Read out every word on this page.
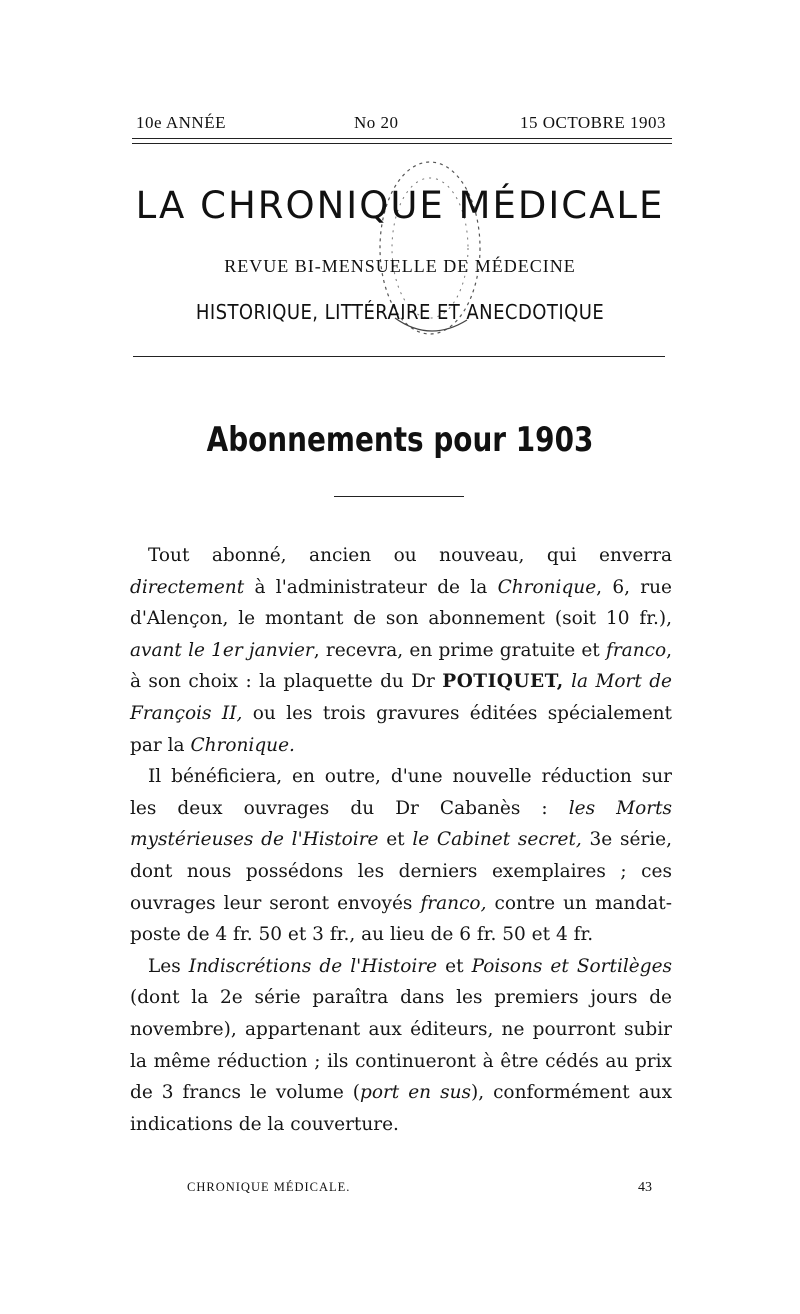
10e ANNÉE	No 20	15 OCTOBRE 1903
LA CHRONIQUE MÉDICALE
REVUE BI-MENSUELLE DE MÉDECINE
HISTORIQUE, LITTÉRAIRE ET ANECDOTIQUE
Abonnements pour 1903

Tout abonné, ancien ou nouveau, qui enverra directement à l'administrateur de la Chronique, 6, rue d'Alençon, le montant de son abonnement (soit 10 fr.), avant le 1er janvier, recevra, en prime gratuite et franco, à son choix : la plaquette du Dr POTIQUET, la Mort de François II, ou les trois gravures éditées spécialement par la Chronique.

Il bénéficiera, en outre, d'une nouvelle réduction sur les deux ouvrages du Dr Cabanès : les Morts mystérieuses de l'Histoire et le Cabinet secret, 3e série, dont nous possédons les derniers exemplaires ; ces ouvrages leur seront envoyés franco, contre un mandat-poste de 4 fr. 50 et 3 fr., au lieu de 6 fr. 50 et 4 fr.

Les Indiscrétions de l'Histoire et Poisons et Sortilèges (dont la 2e série paraîtra dans les premiers jours de novembre), appartenant aux éditeurs, ne pourront subir la même réduction ; ils continueront à être cédés au prix de 3 francs le volume (port en sus), conformément aux indications de la couverture.

CHRONIQUE MÉDICALE.	43
